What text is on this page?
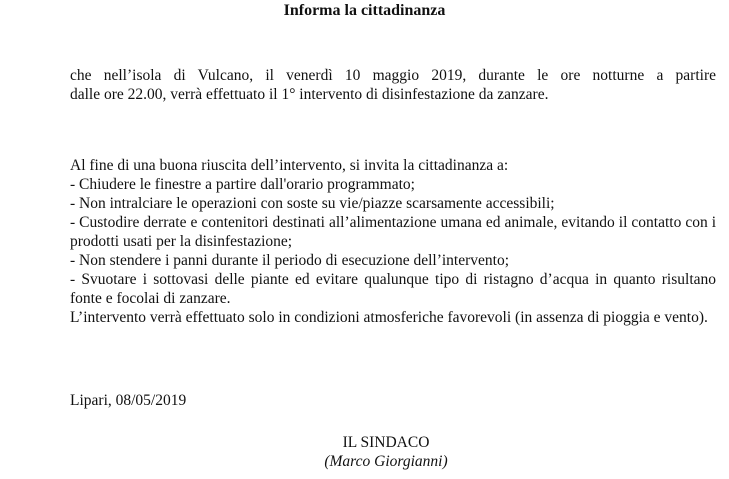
Informa la cittadinanza
che nell’isola di Vulcano, il venerdì 10 maggio 2019, durante le ore notturne a partire
dalle ore 22.00, verrà effettuato il 1° intervento di disinfestazione da zanzare.
Al fine di una buona riuscita dell’intervento, si invita la cittadinanza a:
- Chiudere le finestre a partire dall'orario programmato;
- Non intralciare le operazioni con soste su vie/piazze scarsamente accessibili;
- Custodire derrate e contenitori destinati all’alimentazione umana ed animale, evitando il contatto con i prodotti usati per la disinfestazione;
- Non stendere i panni durante il periodo di esecuzione dell’intervento;
- Svuotare i sottovasi delle piante ed evitare qualunque tipo di ristagno d’acqua in quanto risultano fonte e focolai di zanzare.
L’intervento verrà effettuato solo in condizioni atmosferiche favorevoli (in assenza di pioggia e vento).
Lipari, 08/05/2019
IL SINDACO
(Marco Giorgianni)
